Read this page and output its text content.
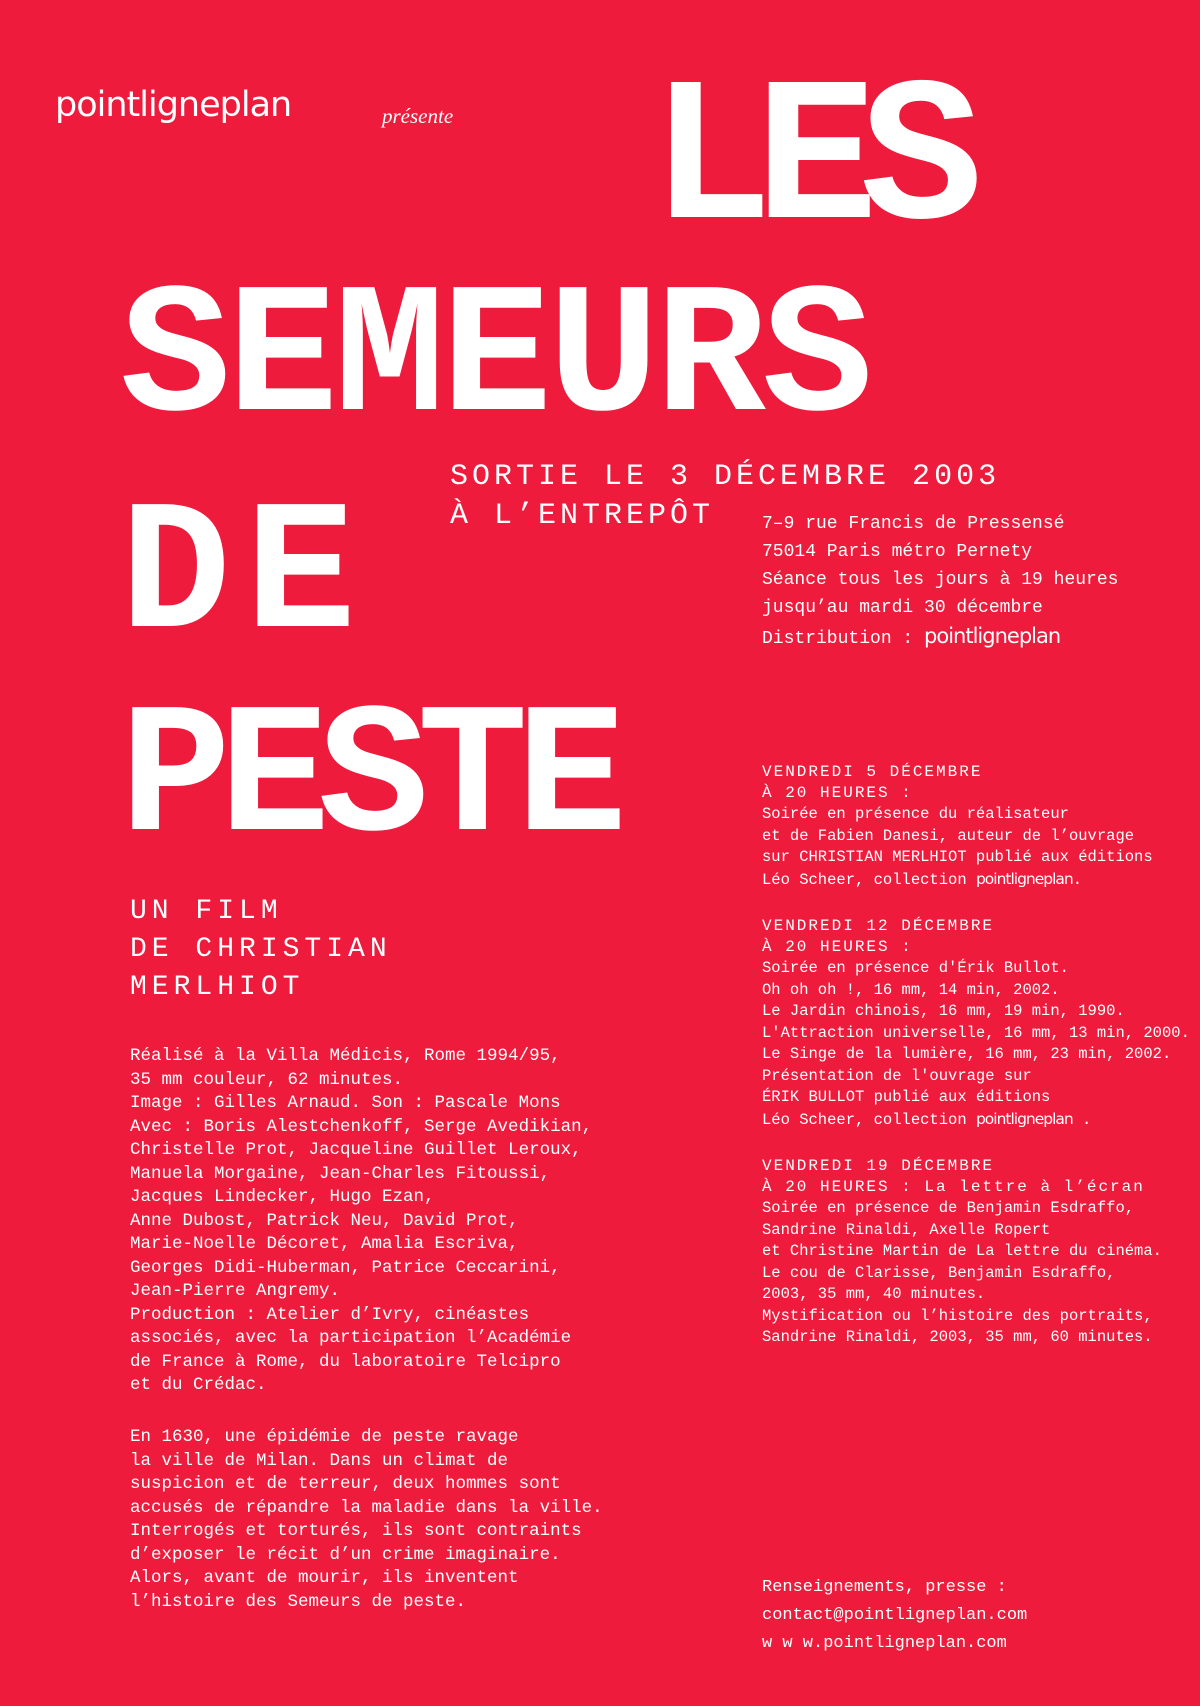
pointligneplan	présente LES
SEMEURS
DE
PESTE
SORTIE LE 3 DÉCEMBRE 2003
À L’ENTREPÔT	7–9 rue Francis de Pressensé
75014 Paris métro Pernety
Séance tous les jours à 19 heures
jusqu’au mardi 30 décembre
Distribution : pointligneplan
UN FILM
DE CHRISTIAN
MERLHIOT
Réalisé à la Villa Médicis, Rome 1994/95,
35 mm couleur, 62 minutes.
Image : Gilles Arnaud. Son : Pascale Mons
Avec : Boris Alestchenkoff, Serge Avedikian,
Christelle Prot, Jacqueline Guillet Leroux,
Manuela Morgaine, Jean-Charles Fitoussi,
Jacques Lindecker, Hugo Ezan,
Anne Dubost, Patrick Neu, David Prot,
Marie-Noelle Décoret, Amalia Escriva,
Georges Didi-Huberman, Patrice Ceccarini,
Jean-Pierre Angremy.
Production : Atelier d’Ivry, cinéastes
associés, avec la participation l’Académie
de France à Rome, du laboratoire Telcipro
et du Crédac.
En 1630, une épidémie de peste ravage
la ville de Milan. Dans un climat de
suspicion et de terreur, deux hommes sont
accusés de répandre la maladie dans la ville.
Interrogés et torturés, ils sont contraints
d’exposer le récit d’un crime imaginaire.
Alors, avant de mourir, ils inventent
l’histoire des Semeurs de peste.
VENDREDI 5 DÉCEMBRE
À 20 HEURES :
Soirée en présence du réalisateur
et de Fabien Danesi, auteur de l’ouvrage
sur CHRISTIAN MERLHIOT publié aux éditions
Léo Scheer, collection pointligneplan.
VENDREDI 12 DÉCEMBRE
À 20 HEURES :
Soirée en présence d'Érik Bullot.
Oh oh oh !, 16 mm, 14 min, 2002.
Le Jardin chinois, 16 mm, 19 min, 1990.
L'Attraction universelle, 16 mm, 13 min, 2000.
Le Singe de la lumière, 16 mm, 23 min, 2002.
Présentation de l'ouvrage sur
ÉRIK BULLOT publié aux éditions
Léo Scheer, collection pointligneplan .
VENDREDI 19 DÉCEMBRE
À 20 HEURES : La lettre à l’écran
Soirée en présence de Benjamin Esdraffo,
Sandrine Rinaldi, Axelle Ropert
et Christine Martin de La lettre du cinéma.
Le cou de Clarisse, Benjamin Esdraffo,
2003, 35 mm, 40 minutes.
Mystification ou l’histoire des portraits,
Sandrine Rinaldi, 2003, 35 mm, 60 minutes.
Renseignements, presse :
contact@pointligneplan.com
w w w.pointligneplan.com
